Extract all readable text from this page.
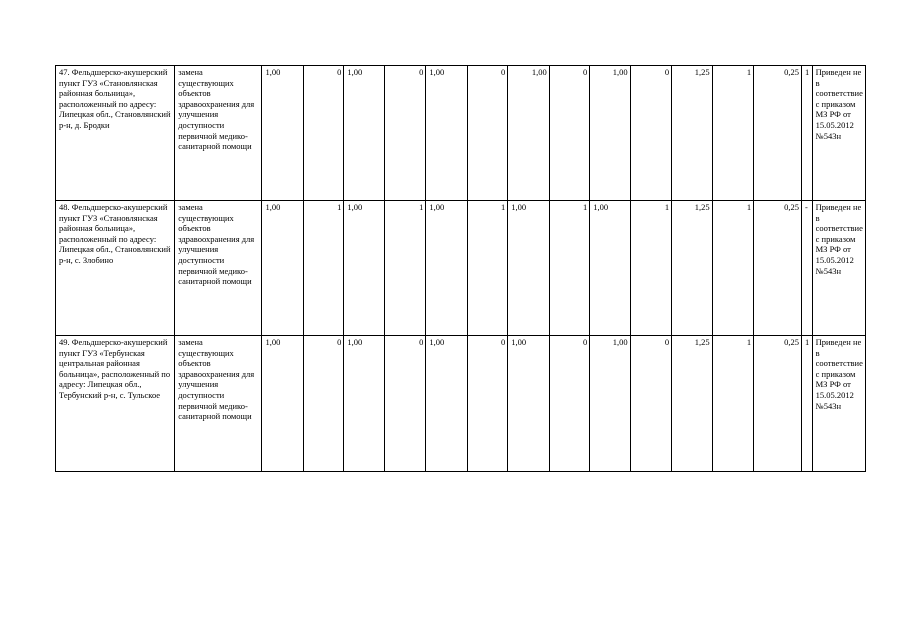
47. Фельдшерско-акушерский пункт ГУЗ «Становлянская районная больница», расположенный по адресу: Липецкая обл., Становлянский р-н, д. Бродки	замена существующих объектов здравоохранения для улучшения доступности первичной медико-санитарной помощи	1,00	0	1,00	0	1,00	0	1,00	0	1,00	0	1,25	1	0,25	1	Приведен не в соответствие с приказом МЗ РФ от 15.05.2012 №543н
48. Фельдшерско-акушерский пункт ГУЗ «Становлянская районная больница», расположенный по адресу: Липецкая обл., Становлянский р-н, с. Злобино	замена существующих объектов здравоохранения для улучшения доступности первичной медико-санитарной помощи	1,00	1	1,00	1	1,00	1	1,00	1	1,00	1	1,25	1	0,25	-	Приведен не в соответствие с приказом МЗ РФ от 15.05.2012 №543н
49. Фельдшерско-акушерский пункт ГУЗ «Тербунская центральная районная больница», расположенный по адресу: Липецкая обл., Тербунский р-н, с. Тульское	замена существующих объектов здравоохранения для улучшения доступности первичной медико-санитарной помощи	1,00	0	1,00	0	1,00	0	1,00	0	1,00	0	1,25	1	0,25	1	Приведен не в соответствие с приказом МЗ РФ от 15.05.2012 №543н
